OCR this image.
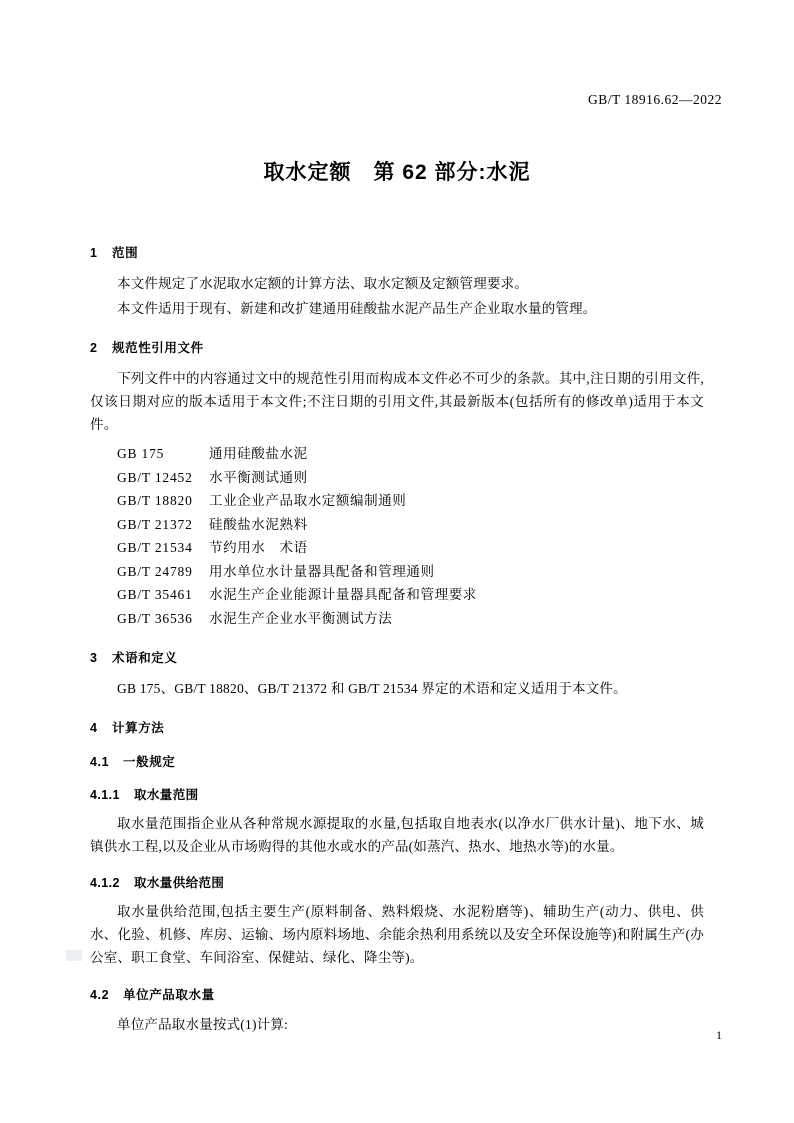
GB/T 18916.62—2022
取水定额　第 62 部分:水泥
1 范围

本文件规定了水泥取水定额的计算方法、取水定额及定额管理要求。

本文件适用于现有、新建和改扩建通用硅酸盐水泥产品生产企业取水量的管理。

2 规范性引用文件

下列文件中的内容通过文中的规范性引用而构成本文件必不可少的条款。其中,注日期的引用文件,仅该日期对应的版本适用于本文件;不注日期的引用文件,其最新版本(包括所有的修改单)适用于本文件。

GB 175	通用硅酸盐水泥
GB/T 12452 水平衡测试通则
GB/T 18820 工业企业产品取水定额编制通则
GB/T 21372 硅酸盐水泥熟料
GB/T 21534 节约用水　术语
GB/T 24789 用水单位水计量器具配备和管理通则
GB/T 35461 水泥生产企业能源计量器具配备和管理要求
GB/T 36536 水泥生产企业水平衡测试方法
3 术语和定义

GB 175、GB/T 18820、GB/T 21372 和 GB/T 21534 界定的术语和定义适用于本文件。

4 计算方法
4.1 一般规定
4.1.1 取水量范围

取水量范围指企业从各种常规水源提取的水量,包括取自地表水(以净水厂供水计量)、地下水、城镇供水工程,以及企业从市场购得的其他水或水的产品(如蒸汽、热水、地热水等)的水量。

4.1.2 取水量供给范围

取水量供给范围,包括主要生产(原料制备、熟料煅烧、水泥粉磨等)、辅助生产(动力、供电、供水、化验、机修、库房、运输、场内原料场地、余能余热利用系统以及安全环保设施等)和附属生产(办公室、职工食堂、车间浴室、保健站、绿化、降尘等)。

4.2 单位产品取水量

单位产品取水量按式(1)计算:

1
